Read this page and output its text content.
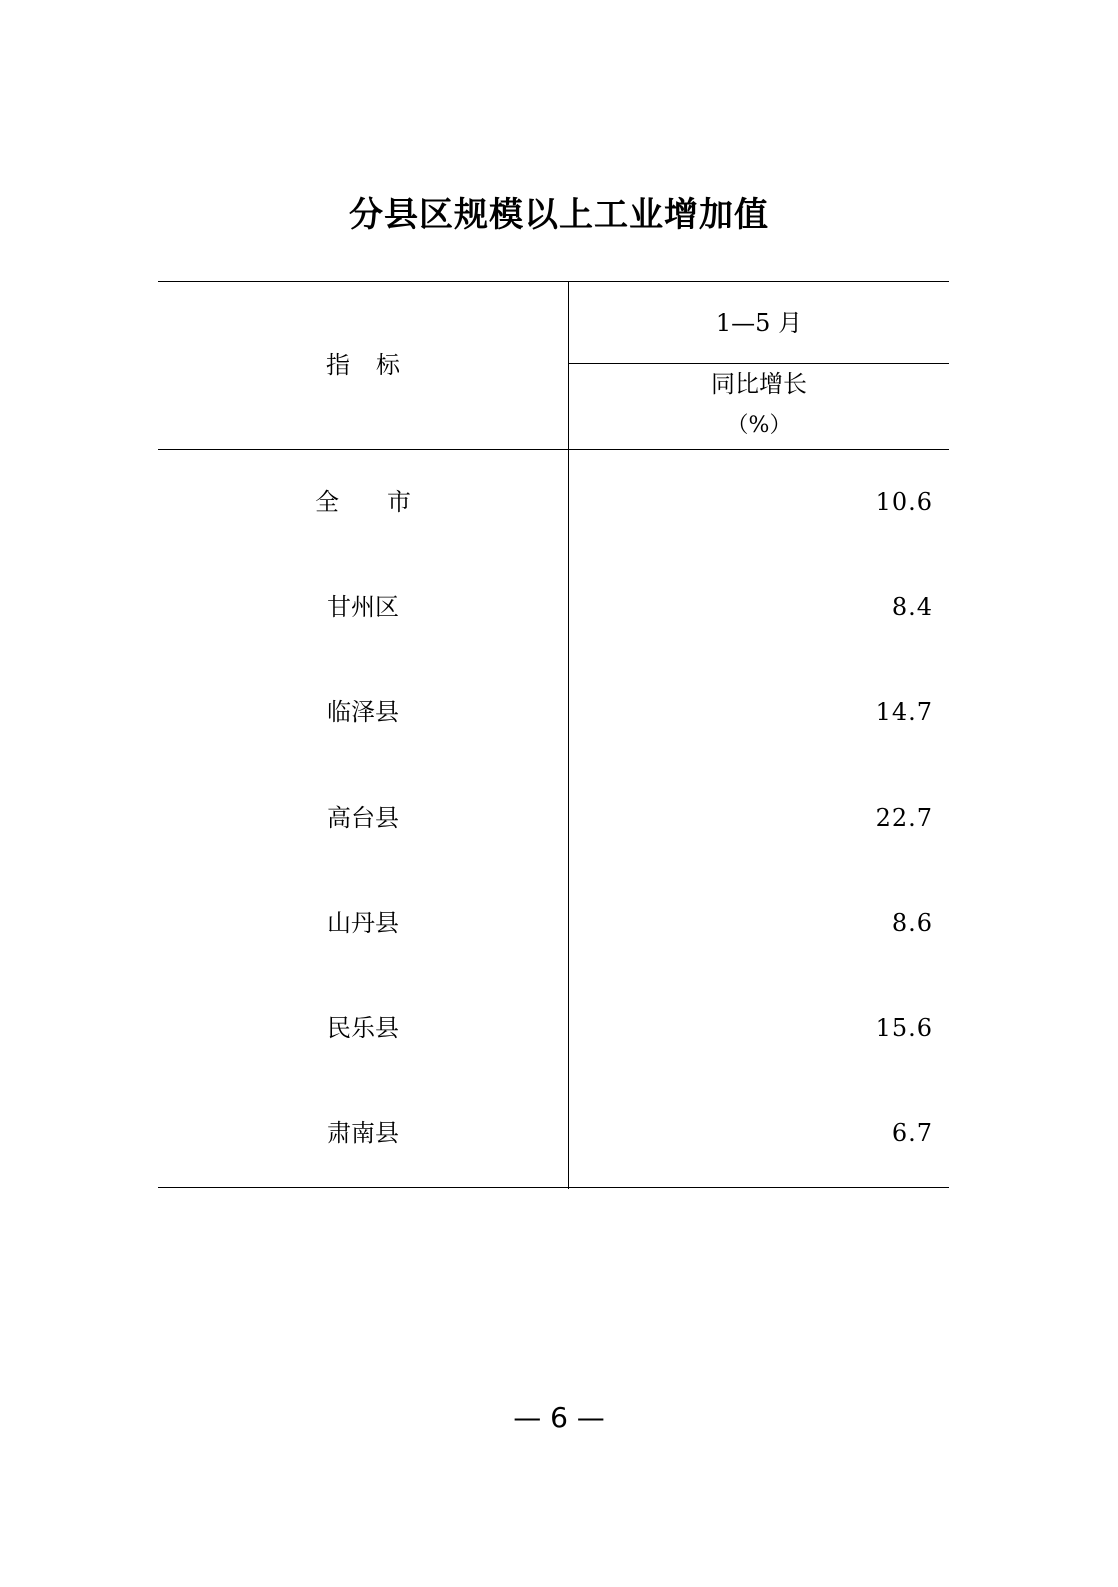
分县区规模以上工业增加值
指 标
1—5 月
同比增长
（%）
全 市	10.6
甘州区	8.4
临泽县	14.7
高台县	22.7
山丹县	8.6
民乐县	15.6
肃南县	6.7
— 6 —
